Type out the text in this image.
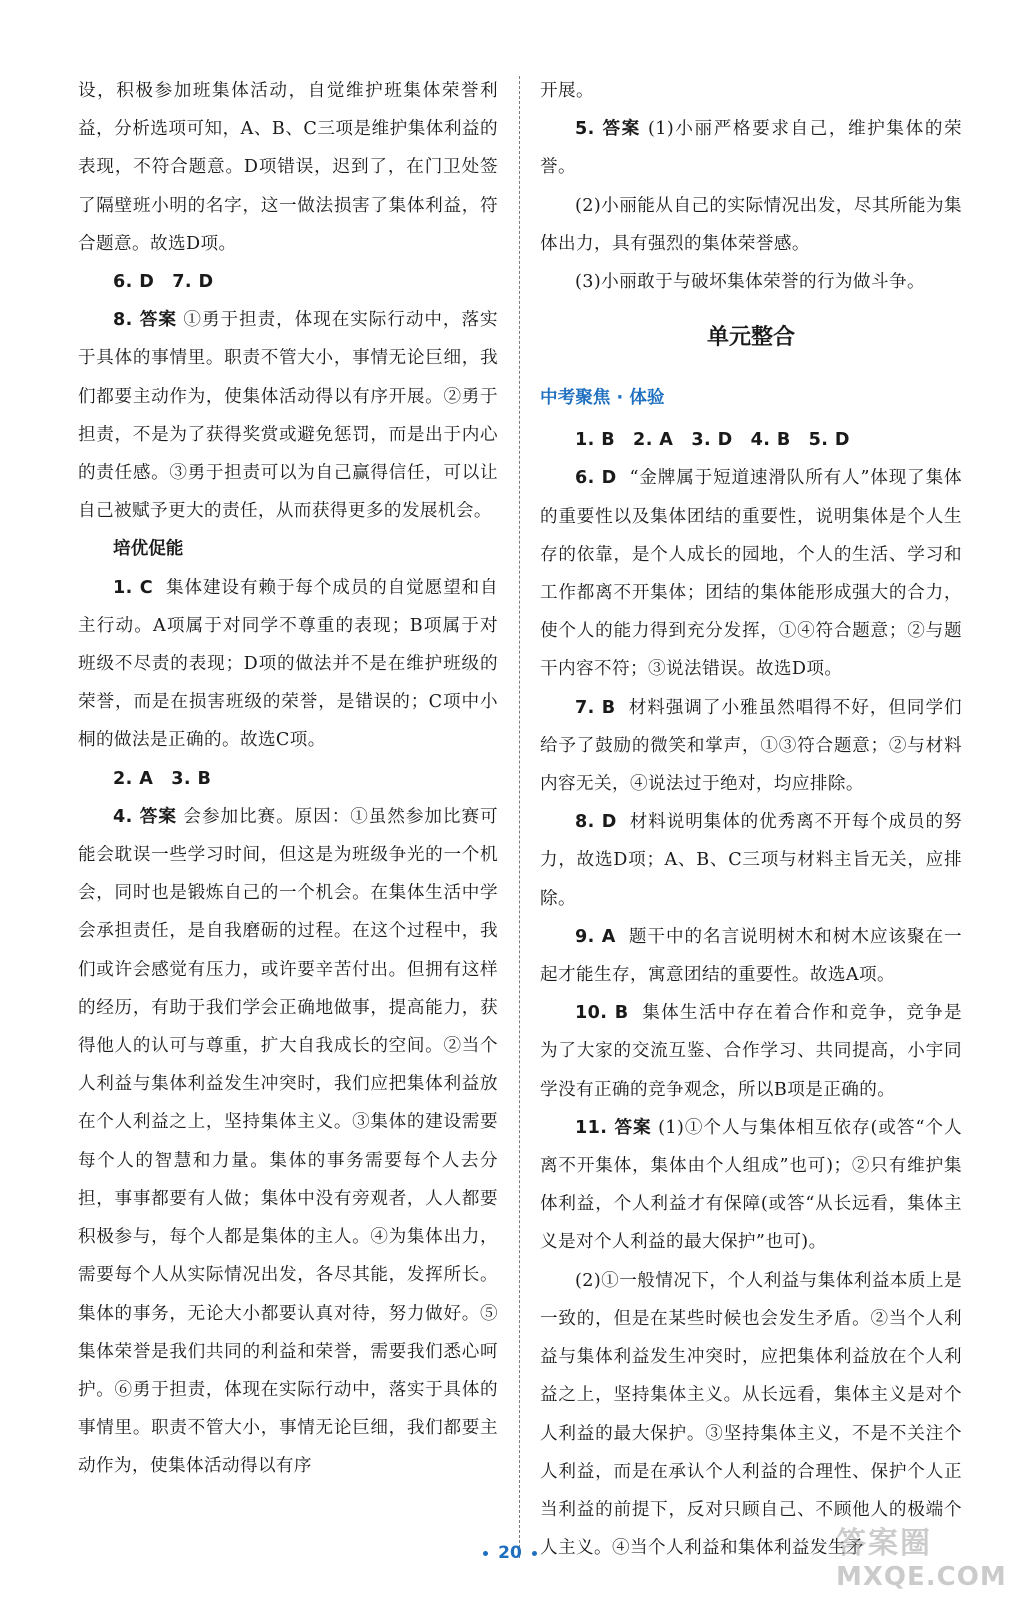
设，积极参加班集体活动，自觉维护班集体荣誉利益，分析选项可知，A、B、C三项是维护集体利益的表现，不符合题意。D项错误，迟到了，在门卫处签了隔壁班小明的名字，这一做法损害了集体利益，符合题意。故选D项。

6. D　7. D

8. 答案 ①勇于担责，体现在实际行动中，落实于具体的事情里。职责不管大小，事情无论巨细，我们都要主动作为，使集体活动得以有序开展。②勇于担责，不是为了获得奖赏或避免惩罚，而是出于内心的责任感。③勇于担责可以为自己赢得信任，可以让自己被赋予更大的责任，从而获得更多的发展机会。

培优促能

1. C 集体建设有赖于每个成员的自觉愿望和自主行动。A项属于对同学不尊重的表现；B项属于对班级不尽责的表现；D项的做法并不是在维护班级的荣誉，而是在损害班级的荣誉，是错误的；C项中小桐的做法是正确的。故选C项。

2. A　3. B

4. 答案 会参加比赛。原因：①虽然参加比赛可能会耽误一些学习时间，但这是为班级争光的一个机会，同时也是锻炼自己的一个机会。在集体生活中学会承担责任，是自我磨砺的过程。在这个过程中，我们或许会感觉有压力，或许要辛苦付出。但拥有这样的经历，有助于我们学会正确地做事，提高能力，获得他人的认可与尊重，扩大自我成长的空间。②当个人利益与集体利益发生冲突时，我们应把集体利益放在个人利益之上，坚持集体主义。③集体的建设需要每个人的智慧和力量。集体的事务需要每个人去分担，事事都要有人做；集体中没有旁观者，人人都要积极参与，每个人都是集体的主人。④为集体出力，需要每个人从实际情况出发，各尽其能，发挥所长。集体的事务，无论大小都要认真对待，努力做好。⑤集体荣誉是我们共同的利益和荣誉，需要我们悉心呵护。⑥勇于担责，体现在实际行动中，落实于具体的事情里。职责不管大小，事情无论巨细，我们都要主动作为，使集体活动得以有序

开展。

5. 答案 (1)小丽严格要求自己，维护集体的荣誉。

(2)小丽能从自己的实际情况出发，尽其所能为集体出力，具有强烈的集体荣誉感。

(3)小丽敢于与破坏集体荣誉的行为做斗争。

单元整合
中考聚焦 · 体验

1. B　2. A　3. D　4. B　5. D

6. D “金牌属于短道速滑队所有人”体现了集体的重要性以及集体团结的重要性，说明集体是个人生存的依靠，是个人成长的园地，个人的生活、学习和工作都离不开集体；团结的集体能形成强大的合力，使个人的能力得到充分发挥，①④符合题意；②与题干内容不符；③说法错误。故选D项。

7. B 材料强调了小雅虽然唱得不好，但同学们给予了鼓励的微笑和掌声，①③符合题意；②与材料内容无关，④说法过于绝对，均应排除。

8. D 材料说明集体的优秀离不开每个成员的努力，故选D项；A、B、C三项与材料主旨无关，应排除。

9. A 题干中的名言说明树木和树木应该聚在一起才能生存，寓意团结的重要性。故选A项。

10. B 集体生活中存在着合作和竞争，竞争是为了大家的交流互鉴、合作学习、共同提高，小宇同学没有正确的竞争观念，所以B项是正确的。

11. 答案 (1)①个人与集体相互依存(或答“个人离不开集体，集体由个人组成”也可)；②只有维护集体利益，个人利益才有保障(或答“从长远看，集体主义是对个人利益的最大保护”也可)。

(2)①一般情况下，个人利益与集体利益本质上是一致的，但是在某些时候也会发生矛盾。②当个人利益与集体利益发生冲突时，应把集体利益放在个人利益之上，坚持集体主义。从长远看，集体主义是对个人利益的最大保护。③坚持集体主义，不是不关注个人利益，而是在承认个人利益的合理性、保护个人正当利益的前提下，反对只顾自己、不顾他人的极端个人主义。④当个人利益和集体利益发生矛

20	答案圈
MXQE.COM
